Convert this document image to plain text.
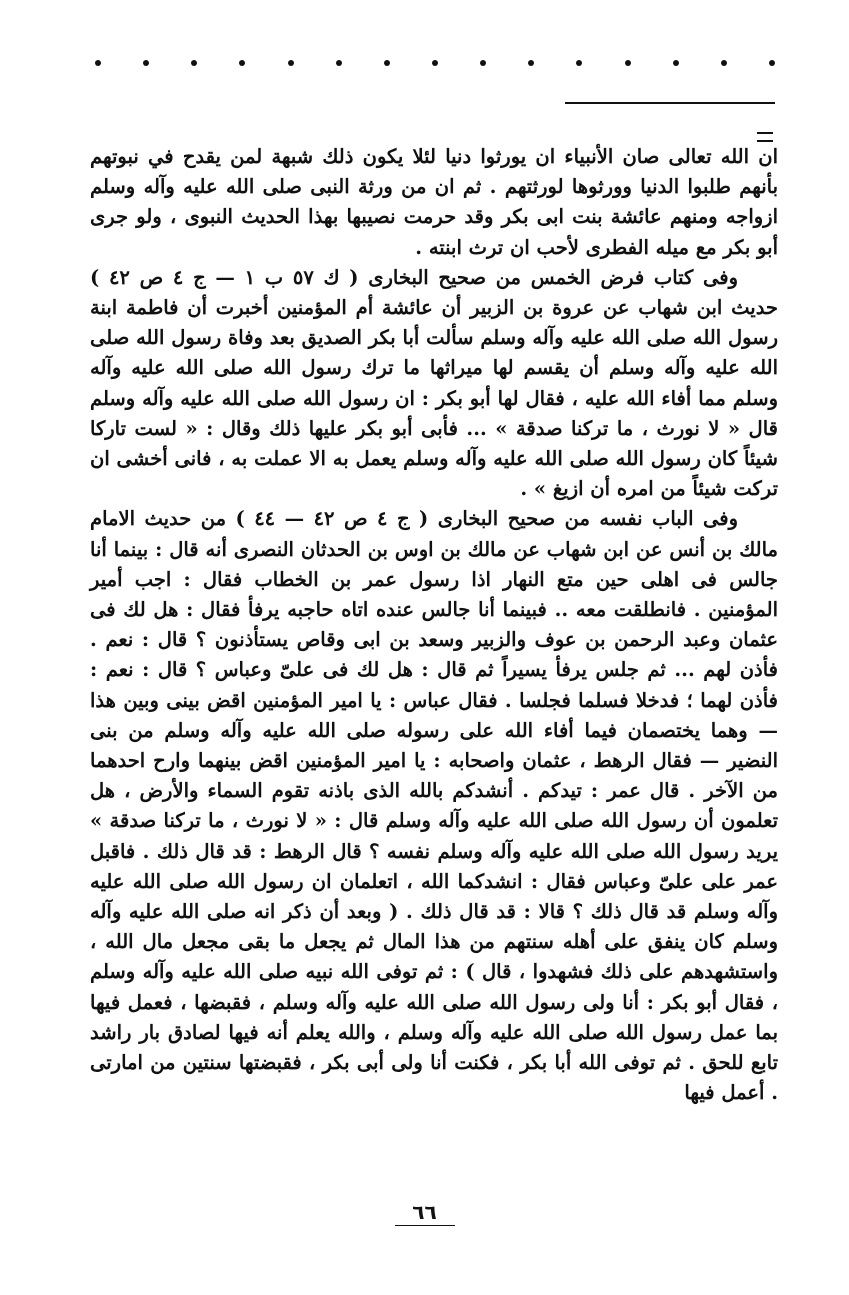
ان الله تعالى صان الأنبياء ان يورثوا دنيا لئلا يكون ذلك شبهة لمن يقدح في نبوتهم بأنهم طلبوا الدنيا وورثوها لورثتهم . ثم ان من ورثة النبى صلى الله عليه وآله وسلم ازواجه ومنهم عائشة بنت ابى بكر وقد حرمت نصيبها بهذا الحديث النبوى ، ولو جرى أبو بكر مع ميله الفطرى لأحب ان ترث ابنته .

وفى كتاب فرض الخمس من صحيح البخارى ( ك ٥٧ ب ١ — ج ٤ ص ٤٢ ) حديث ابن شهاب عن عروة بن الزبير أن عائشة أم المؤمنين أخبرت أن فاطمة ابنة رسول الله صلى الله عليه وآله وسلم سألت أبا بكر الصديق بعد وفاة رسول الله صلى الله عليه وآله وسلم أن يقسم لها ميراثها ما ترك رسول الله صلى الله عليه وآله وسلم مما أفاء الله عليه ، فقال لها أبو بكر : ان رسول الله صلى الله عليه وآله وسلم قال « لا نورث ، ما تركنا صدقة » ... فأبى أبو بكر عليها ذلك وقال : « لست تاركا شيئاً كان رسول الله صلى الله عليه وآله وسلم يعمل به الا عملت به ، فانى أخشى ان تركت شيئاً من امره أن ازيغ » .

وفى الباب نفسه من صحيح البخارى ( ج ٤ ص ٤٢ — ٤٤ ) من حديث الامام مالك بن أنس عن ابن شهاب عن مالك بن اوس بن الحدثان النصرى أنه قال : بينما أنا جالس فى اهلى حين متع النهار اذا رسول عمر بن الخطاب فقال : اجب أمير المؤمنين . فانطلقت معه .. فبينما أنا جالس عنده اتاه حاجبه يرفأ فقال : هل لك فى عثمان وعبد الرحمن بن عوف والزبير وسعد بن ابى وقاص يستأذنون ؟ قال : نعم . فأذن لهم ... ثم جلس يرفأ يسيراً ثم قال : هل لك فى علىّ وعباس ؟ قال : نعم : فأذن لهما ؛ فدخلا فسلما فجلسا . فقال عباس : يا امير المؤمنين اقض بينى وبين هذا — وهما يختصمان فيما أفاء الله على رسوله صلى الله عليه وآله وسلم من بنى النضير — فقال الرهط ، عثمان واصحابه : يا امير المؤمنين اقض بينهما وارح احدهما من الآخر . قال عمر : تيدكم . أنشدكم بالله الذى باذنه تقوم السماء والأرض ، هل تعلمون أن رسول الله صلى الله عليه وآله وسلم قال : « لا نورث ، ما تركنا صدقة » يريد رسول الله صلى الله عليه وآله وسلم نفسه ؟ قال الرهط : قد قال ذلك . فاقبل عمر على علىّ وعباس فقال : انشدكما الله ، اتعلمان ان رسول الله صلى الله عليه وآله وسلم قد قال ذلك ؟ قالا : قد قال ذلك . ( وبعد أن ذكر انه صلى الله عليه وآله وسلم كان ينفق على أهله سنتهم من هذا المال ثم يجعل ما بقى مجعل مال الله ، واستشهدهم على ذلك فشهدوا ، قال ) : ثم توفى الله نبيه صلى الله عليه وآله وسلم ، فقال أبو بكر : أنا ولى رسول الله صلى الله عليه وآله وسلم ، فقبضها ، فعمل فيها بما عمل رسول الله صلى الله عليه وآله وسلم ، والله يعلم أنه فيها لصادق بار راشد تابع للحق . ثم توفى الله أبا بكر ، فكنت أنا ولى أبى بكر ، فقبضتها سنتين من امارتى . أعمل فيها

٦٦
